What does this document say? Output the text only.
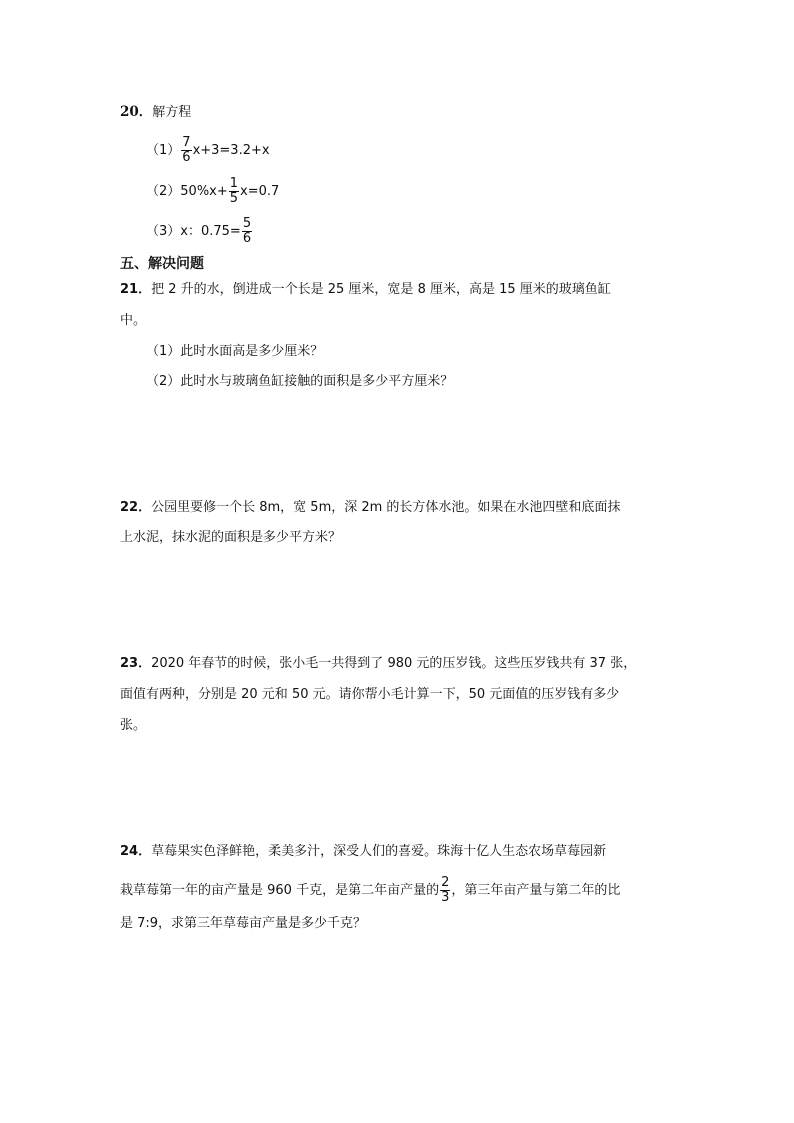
20．解方程
$(1) \frac{7}{6} x+3=3.2+x$
$(2)50\%x+ \frac{1}{5} x=0.7$
（3）x：$0.75= \frac{5}{6}$
五、解决问题
21．把 2 升的水，倒进成一个长是 25 厘米，宽是 8 厘米，高是 15 厘米的玻璃鱼缸
中。
（1）此时水面高是多少厘米？
（2）此时水与玻璃鱼缸接触的面积是多少平方厘米？
22．公园里要修一个长 8m，宽 5m，深 2m 的长方体水池。如果在水池四壁和底面抹
上水泥，抹水泥的面积是多少平方米？
23．2020 年春节的时候，张小毛一共得到了 980 元的压岁钱。这些压岁钱共有 37 张，
面值有两种，分别是 20 元和 50 元。请你帮小毛计算一下，50 元面值的压岁钱有多少
张。
24．草莓果实色泽鲜艳，柔美多汁，深受人们的喜爱。珠海十亿人生态农场草莓园新
栽草莓第一年的亩产量是 960 千克，是第二年亩产量的 $\frac{2}{3}$ ，第三年亩产量与第二年的比
是 7:9，求第三年草莓亩产量是多少千克？
